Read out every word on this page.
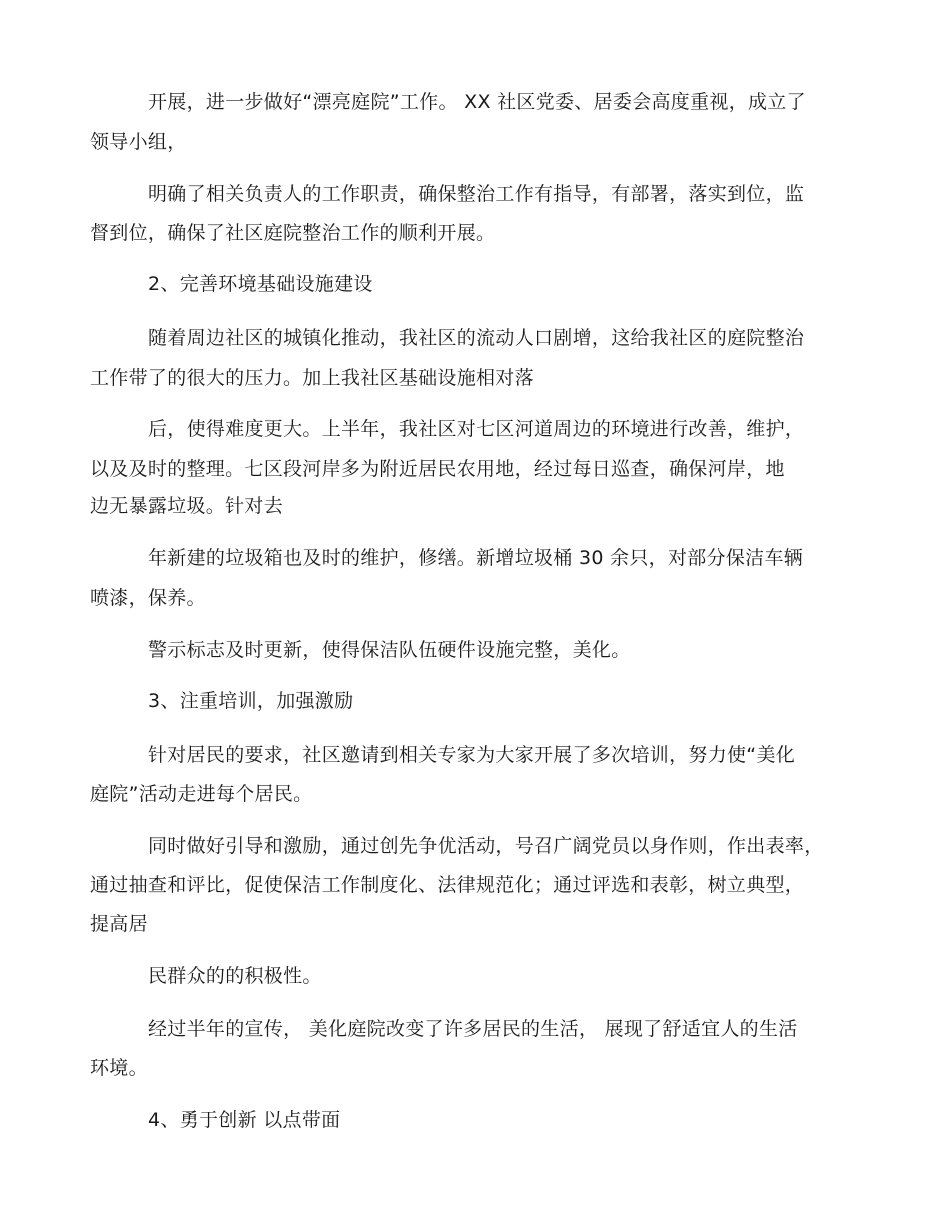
开展，进一步做好“漂亮庭院”工作。 XX 社区党委、居委会高度重视，成立了
领导小组，
明确了相关负责人的工作职责，确保整治工作有指导，有部署，落实到位，监
督到位，确保了社区庭院整治工作的顺利开展。
2、完善环境基础设施建设
随着周边社区的城镇化推动，我社区的流动人口剧增，这给我社区的庭院整治
工作带了的很大的压力。加上我社区基础设施相对落
后，使得难度更大。上半年，我社区对七区河道周边的环境进行改善，维护，
以及及时的整理。七区段河岸多为附近居民农用地，经过每日巡查，确保河岸，地
边无暴露垃圾。针对去
年新建的垃圾箱也及时的维护，修缮。新增垃圾桶 30 余只，对部分保洁车辆
喷漆，保养。
警示标志及时更新，使得保洁队伍硬件设施完整，美化。
3、注重培训，加强激励
针对居民的要求，社区邀请到相关专家为大家开展了多次培训，努力使“美化
庭院”活动走进每个居民。
同时做好引导和激励，通过创先争优活动，号召广阔党员以身作则，作出表率，
通过抽查和评比，促使保洁工作制度化、法律规范化；通过评选和表彰，树立典型，
提高居
民群众的的积极性。
经过半年的宣传， 美化庭院改变了许多居民的生活， 展现了舒适宜人的生活
环境。
4、勇于创新 以点带面
